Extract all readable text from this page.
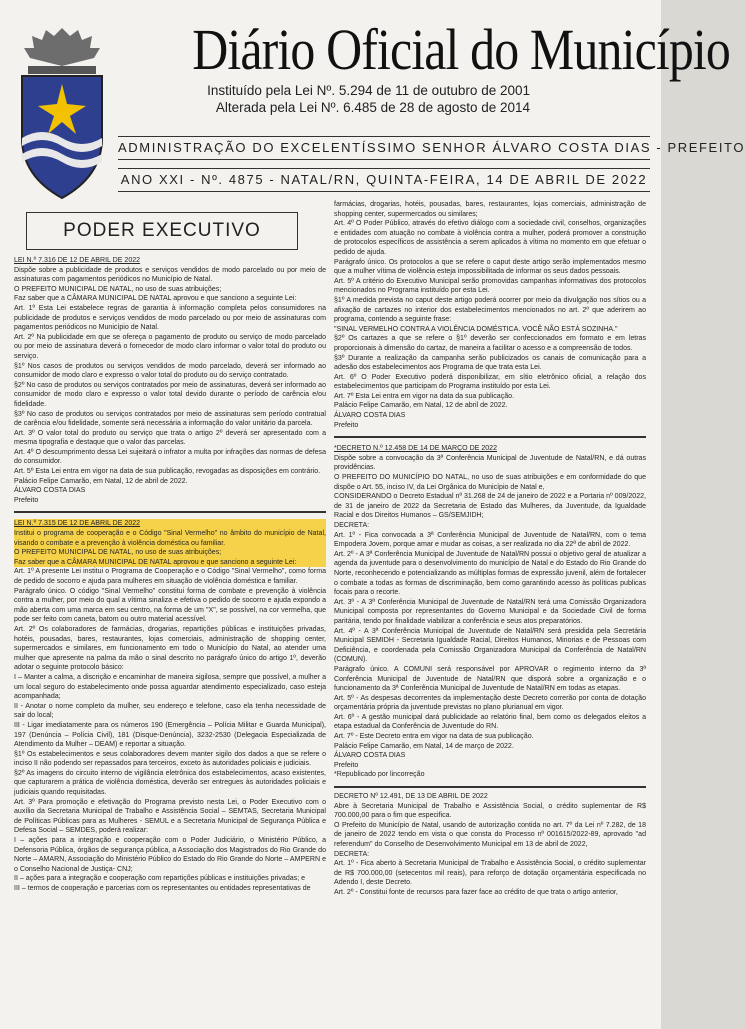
Diário Oficial do Município
Instituído pela Lei Nº. 5.294 de 11 de outubro de 2001
Alterada pela Lei Nº. 6.485 de 28 de agosto de 2014
ADMINISTRAÇÃO DO EXCELENTÍSSIMO SENHOR ÁLVARO COSTA DIAS - PREFEITO
ANO XXI - Nº. 4875 - NATAL/RN, QUINTA-FEIRA, 14 DE ABRIL DE 2022
PODER EXECUTIVO

LEI N.º 7.316 DE 12 DE ABRIL DE 2022

Dispõe sobre a publicidade de produtos e serviços vendidos de modo parcelado ou por meio de assinaturas com pagamentos periódicos no Município de Natal.

O PREFEITO MUNICIPAL DE NATAL, no uso de suas atribuições;

Faz saber que a CÂMARA MUNICIPAL DE NATAL aprovou e que sanciono a seguinte Lei:

Art. 1º Esta Lei estabelece regras de garantia à informação completa pelos consumidores na publicidade de produtos e serviços vendidos de modo parcelado ou por meio de assinaturas com pagamentos periódicos no Município de Natal.

Art. 2º Na publicidade em que se ofereça o pagamento de produto ou serviço de modo parcelado ou por meio de assinatura deverá o fornecedor de modo claro informar o valor total do produto ou serviço.

§1º Nos casos de produtos ou serviços vendidos de modo parcelado, deverá ser informado ao consumidor de modo claro e expresso o valor total do produto ou do serviço contratado.

§2º No caso de produtos ou serviços contratados por meio de assinaturas, deverá ser informado ao consumidor de modo claro e expresso o valor total devido durante o período de carência e/ou fidelidade.

§3º No caso de produtos ou serviços contratados por meio de assinaturas sem período contratual de carência e/ou fidelidade, somente será necessária a informação do valor unitário da parcela.

Art. 3º O valor total do produto ou serviço que trata o artigo 2º deverá ser apresentado com a mesma tipografia e destaque que o valor das parcelas.

Art. 4º O descumprimento dessa Lei sujeitará o infrator a multa por infrações das normas de defesa do consumidor.

Art. 5º Esta Lei entra em vigor na data de sua publicação, revogadas as disposições em contrário.

Palácio Felipe Camarão, em Natal, 12 de abril de 2022.

ÁLVARO COSTA DIAS

Prefeito

LEI N.º 7.315 DE 12 DE ABRIL DE 2022

Institui o programa de cooperação e o Código "Sinal Vermelho" no âmbito do município de Natal, visando o combate e a prevenção à violência doméstica ou familiar.

O PREFEITO MUNICIPAL DE NATAL, no uso de suas atribuições;

Faz saber que a CÂMARA MUNICIPAL DE NATAL aprovou e que sanciono a seguinte Lei:

Art. 1º A presente Lei institui o Programa de Cooperação e o Código "Sinal Vermelho", como forma de pedido de socorro e ajuda para mulheres em situação de violência doméstica e familiar.

Parágrafo único. O código "Sinal Vermelho" constitui forma de combate e prevenção à violência contra a mulher, por meio do qual a vítima sinaliza e efetiva o pedido de socorro e ajuda expondo a mão aberta com uma marca em seu centro, na forma de um "X", se possível, na cor vermelha, que pode ser feito com caneta, batom ou outro material acessível.

Art. 2º Os colaboradores de farmácias, drogarias, repartições públicas e instituições privadas, hotéis, pousadas, bares, restaurantes, lojas comerciais, administração de shopping center, supermercados e similares, em funcionamento em todo o Município do Natal, ao atender uma mulher que apresente na palma da mão o sinal descrito no parágrafo único do artigo 1º, deverão adotar o seguinte protocolo básico:

I – Manter a calma, a discrição e encaminhar de maneira sigilosa, sempre que possível, a mulher a um local seguro do estabelecimento onde possa aguardar atendimento especializado, caso esteja acompanhada;

II - Anotar o nome completo da mulher, seu endereço e telefone, caso ela tenha necessidade de sair do local;

III - Ligar imediatamente para os números 190 (Emergência – Polícia Militar e Guarda Municipal), 197 (Denúncia – Polícia Civil), 181 (Disque-Denúncia), 3232-2530 (Delegacia Especializada de Atendimento da Mulher – DEAM) e reportar a situação.

§1º Os estabelecimentos e seus colaboradores devem manter sigilo dos dados a que se refere o inciso II não podendo ser repassados para terceiros, exceto às autoridades policiais e judiciais.

§2º As imagens do circuito interno de vigilância eletrônica dos estabelecimentos, acaso existentes, que capturarem a prática de violência doméstica, deverão ser entregues às autoridades policiais e judiciais quando requisitadas.

Art. 3º Para promoção e efetivação do Programa previsto nesta Lei, o Poder Executivo com o auxílio da Secretaria Municipal de Trabalho e Assistência Social – SEMTAS, Secretaria Municipal de Políticas Públicas para as Mulheres - SEMUL e a Secretaria Municipal de Segurança Pública e Defesa Social – SEMDES, poderá realizar:

I – ações para a integração e cooperação com o Poder Judiciário, o Ministério Público, a Defensoria Pública, órgãos de segurança pública, a Associação dos Magistrados do Rio Grande do Norte – AMARN, Associação do Ministério Público do Estado do Rio Grande do Norte – AMPERN e o Conselho Nacional de Justiça- CNJ;

II – ações para a integração e cooperação com repartições públicas e instituições privadas; e

III – termos de cooperação e parcerias com os representantes ou entidades representativas de

farmácias, drogarias, hotéis, pousadas, bares, restaurantes, lojas comerciais, administração de shopping center, supermercados ou similares;

Art. 4º O Poder Público, através do efetivo diálogo com a sociedade civil, conselhos, organizações e entidades com atuação no combate à violência contra a mulher, poderá promover a construção de protocolos específicos de assistência a serem aplicados à vítima no momento em que efetuar o pedido de ajuda.

Parágrafo único. Os protocolos a que se refere o caput deste artigo serão implementados mesmo que a mulher vítima de violência esteja impossibilitada de informar os seus dados pessoais.

Art. 5º A critério do Executivo Municipal serão promovidas campanhas informativas dos protocolos mencionados no Programa instituído por esta Lei.

§1º A medida prevista no caput deste artigo poderá ocorrer por meio da divulgação nos sítios ou a afixação de cartazes no interior dos estabelecimentos mencionados no art. 2º que aderirem ao programa, contendo a seguinte frase:

"SINAL VERMELHO CONTRA A VIOLÊNCIA DOMÉSTICA. VOCÊ NÃO ESTÁ SOZINHA."

§2º Os cartazes a que se refere o §1º deverão ser confeccionados em formato e em letras proporcionais à dimensão do cartaz, de maneira a facilitar o acesso e a compreensão de todos.

§3º Durante a realização da campanha serão publicizados os canais de comunicação para a adesão dos estabelecimentos aos Programa de que trata esta Lei.

Art. 6º O Poder Executivo poderá disponibilizar, em sítio eletrônico oficial, a relação dos estabelecimentos que participam do Programa instituído por esta Lei.

Art. 7º Esta Lei entra em vigor na data da sua publicação.

Palácio Felipe Camarão, em Natal, 12 de abril de 2022.

ÁLVARO COSTA DIAS

Prefeito

*DECRETO N.º 12.458 DE 14 DE MARÇO DE 2022

Dispõe sobre a convocação da 3ª Conferência Municipal de Juventude de Natal/RN, e dá outras providências.

O PREFEITO DO MUNICÍPIO DO NATAL, no uso de suas atribuições e em conformidade do que dispõe o Art. 55, inciso IV, da Lei Orgânica do Município de Natal e,

CONSIDERANDO o Decreto Estadual nº 31.268 de 24 de janeiro de 2022 e a Portaria nº 009/2022, de 31 de janeiro de 2022 da Secretaria de Estado das Mulheres, da Juventude, da Igualdade Racial e dos Direitos Humanos – GS/SEMJIDH;

DECRETA:

Art. 1º - Fica convocada a 3ª Conferência Municipal de Juventude de Natal/RN, com o tema Empodera Jovem, porque amar e mudar as coisas, a ser realizada no dia 22ª de abril de 2022.

Art. 2º - A 3ª Conferência Municipal de Juventude de Natal/RN possui o objetivo geral de atualizar a agenda da juventude para o desenvolvimento do município de Natal e do Estado do Rio Grande do Norte, reconhecendo e potencializando as múltiplas formas de expressão juvenil, além de fortalecer o combate a todas as formas de discriminação, bem como garantindo acesso às políticas publicas focais para o recorte.

Art. 3º - A 3ª Conferência Municipal de Juventude de Natal/RN terá uma Comissão Organizadora Municipal composta por representantes do Governo Municipal e da Sociedade Civil de forma paritária, tendo por finalidade viabilizar a conferência e seus atos preparatórios.

Art. 4º - A 3ª Conferência Municipal de Juventude de Natal/RN será presidida pela Secretária Municipal SEMIDH - Secretaria Igualdade Racial, Direitos Humanos, Minorias e de Pessoas com Deficiência, e coordenada pela Comissão Organizadora Municipal da Conferência de Natal/RN (COMUN).

Parágrafo único. A COMUNI será responsável por APROVAR o regimento interno da 3ª Conferência Municipal de Juventude de Natal/RN que disporá sobre a organização e o funcionamento da 3ª Conferência Municipal de Juventude de Natal/RN em todas as etapas.

Art. 5º - As despesas decorrentes da implementação deste Decreto correrão por conta de dotação orçamentária própria da juventude previstas no plano plurianual em vigor.

Art. 6º - A gestão municipal dará publicidade ao relatório final, bem como os delegados eleitos a etapa estadual da Conferência de Juventude do RN.

Art. 7º - Este Decreto entra em vigor na data de sua publicação.

Palácio Felipe Camarão, em Natal, 14 de março de 2022.

ÁLVARO COSTA DIAS

Prefeito

*Republicado por lincorreção

DECRETO Nº 12.491, DE 13 DE ABRIL DE 2022

Abre à Secretaria Municipal de Trabalho e Assistência Social, o crédito suplementar de R$ 700.000,00 para o fim que especifica.

O Prefeito do Município de Natal, usando de autorização contida no art. 7º da Lei nº 7.282, de 18 de janeiro de 2022 tendo em vista o que consta do Processo nº 001615/2022-89, aprovado "ad referendum" do Conselho de Desenvolvimento Municipal em 13 de abril de 2022,

DECRETA:

Art. 1º - Fica aberto à Secretaria Municipal de Trabalho e Assistência Social, o crédito suplementar de R$ 700.000,00 (setecentos mil reais), para reforço de dotação orçamentária especificada no Adendo I, deste Decreto.

Art. 2º - Constitui fonte de recursos para fazer face ao crédito de que trata o artigo anterior,
